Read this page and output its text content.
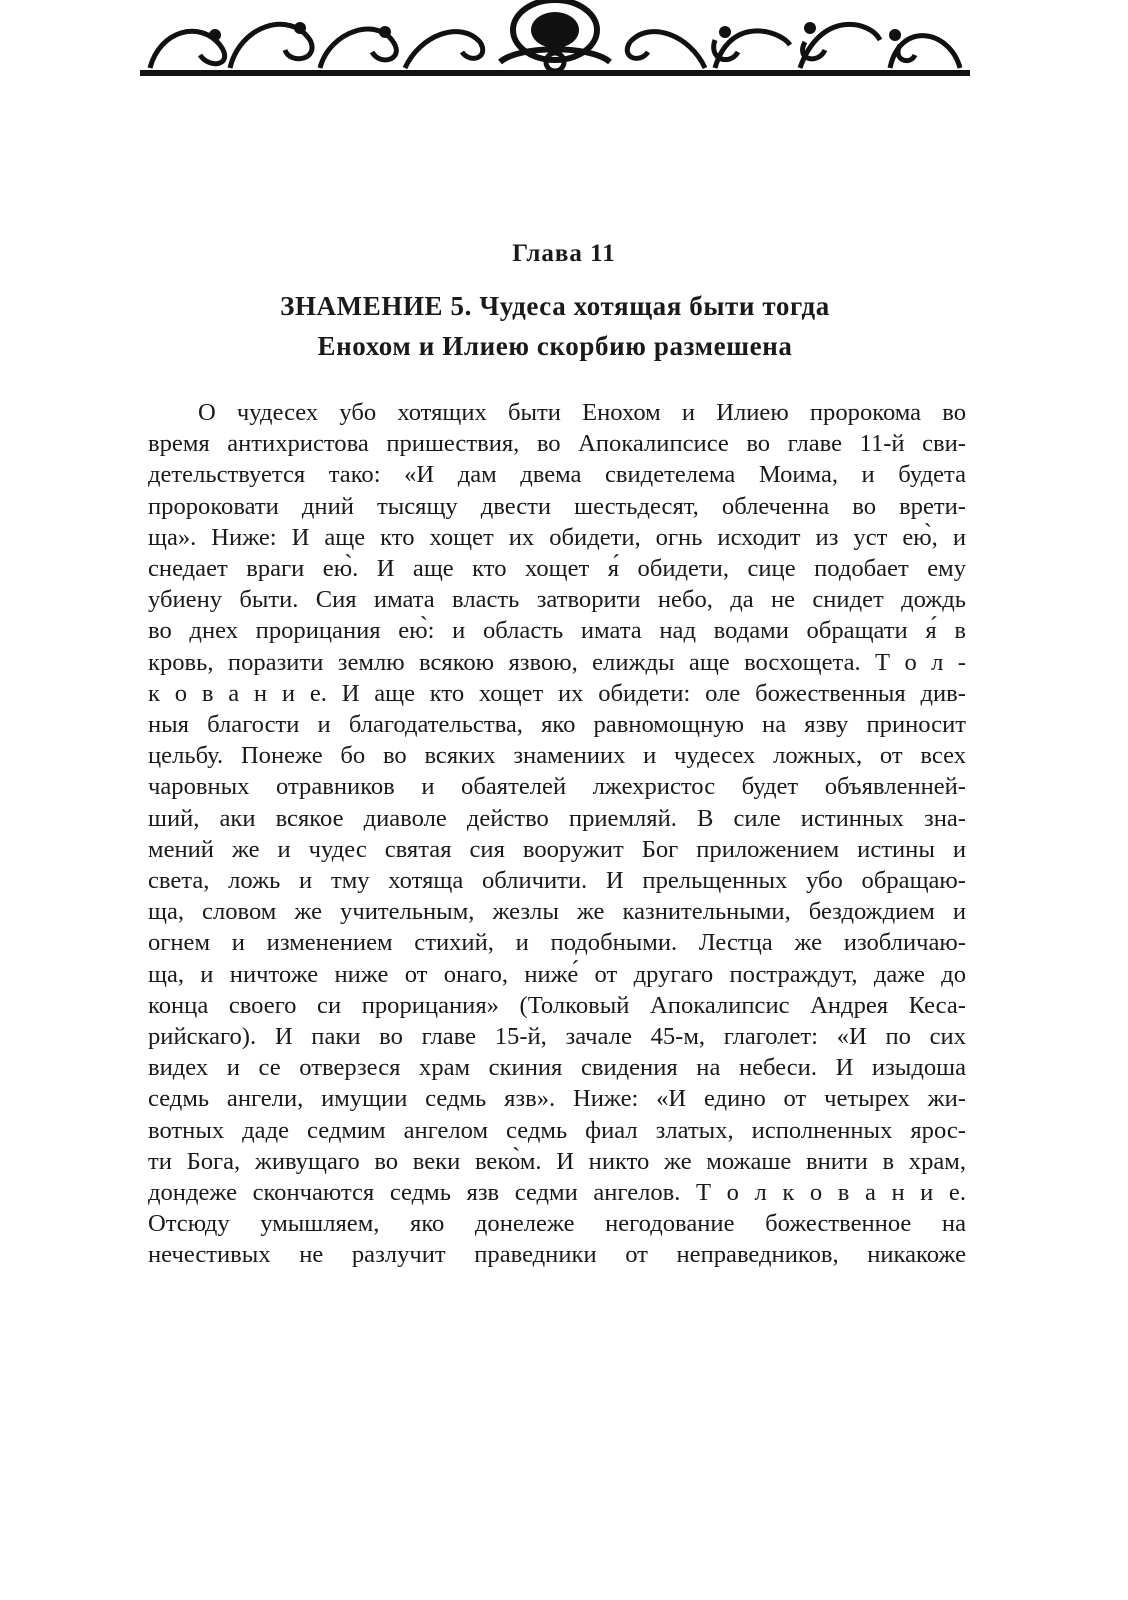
Глава 11
ЗНАМЕНИЕ 5. Чудеса хотящая быти тогда
Енохом и Илиею скорбию размешена
О чудесех убо хотящих быти Енохом и Илиею пророкома во
время антихристова пришествия, во Апокалипсисе во главе 11-й сви-
детельствуется тако: «И дам двема свидетелема Моима, и будета
пророковати дний тысящу двести шестьдесят, облеченна во врети-
ща». Ниже: И аще кто хощет их обидети, огнь исходит из уст ею̀, и
снедает враги ею̀. И аще кто хощет я́ обидети, сице подобает ему
убиену быти. Сия имата власть затворити небо, да не снидет дождь
во днех прорицания ею̀: и область имата над водами обращати я́ в
кровь, поразити землю всякою язвою, елижды аще восхощета. Т о л -
к о в а н и е. И аще кто хощет их обидети: оле божественныя див-
ныя благости и благодательства, яко равномощную на язву приносит
цельбу. Понеже бо во всяких знамениих и чудесех ложных, от всех
чаровных отравников и обаятелей лжехристос будет объявленней-
ший, аки всякое диаволе действо приемляй. В силе истинных зна-
мений же и чудес святая сия вооружит Бог приложением истины и
света, ложь и тму хотяща обличити. И прельщенных убо обращаю-
ща, словом же учительным, жезлы же казнительными, бездождием и
огнем и изменением стихий, и подобными. Лестца же изобличаю-
ща, и ничтоже ниже от онаго, ниже́ от другаго пострaждут, даже до
конца своего си прорицания» (Толковый Апокалипсис Андрея Кеса-
рийскаго). И паки во главе 15-й, зачале 45-м, глаголет: «И по сих
видех и се отверзеся храм скиния свидения на небеси. И изыдоша
седмь ангели, имущии седмь язв». Ниже: «И едино от четырех жи-
вотных даде седмим ангелом седмь фиал златых, исполненных ярос-
ти Бога, живущаго во веки веко̀м. И никто же можаше внити в храм,
дондеже скончаются седмь язв седми ангелов. Т о л к о в а н и е.
Отсюду умышляем, яко донележе негодование божественное на
нечестивых не разлучит праведники от неправедников, никакоже
